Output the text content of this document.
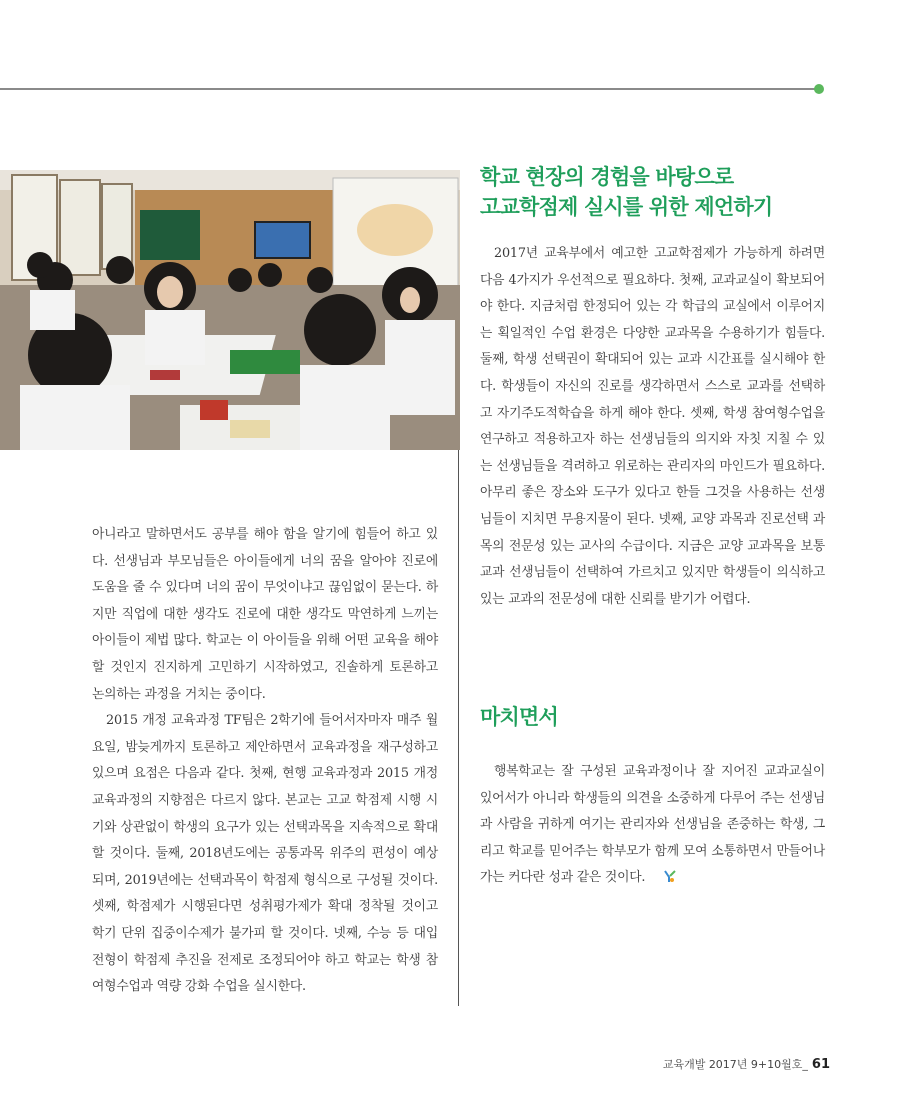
아니라고 말하면서도 공부를 해야 함을 알기에 힘들어 하고 있다. 선생님과 부모님들은 아이들에게 너의 꿈을 알아야 진로에 도움을 줄 수 있다며 너의 꿈이 무엇이냐고 끊임없이 묻는다. 하지만 직업에 대한 생각도 진로에 대한 생각도 막연하게 느끼는 아이들이 제법 많다. 학교는 이 아이들을 위해 어떤 교육을 해야 할 것인지 진지하게 고민하기 시작하였고, 진솔하게 토론하고 논의하는 과정을 거치는 중이다.

2015 개정 교육과정 TF팀은 2학기에 들어서자마자 매주 월요일, 밤늦게까지 토론하고 제안하면서 교육과정을 재구성하고 있으며 요점은 다음과 같다. 첫째, 현행 교육과정과 2015 개정 교육과정의 지향점은 다르지 않다. 본교는 고교 학점제 시행 시기와 상관없이 학생의 요구가 있는 선택과목을 지속적으로 확대할 것이다. 둘째, 2018년도에는 공통과목 위주의 편성이 예상되며, 2019년에는 선택과목이 학점제 형식으로 구성될 것이다. 셋째, 학점제가 시행된다면 성취평가제가 확대 정착될 것이고 학기 단위 집중이수제가 불가피 할 것이다. 넷째, 수능 등 대입 전형이 학점제 추진을 전제로 조정되어야 하고 학교는 학생 참여형수업과 역량 강화 수업을 실시한다.

학교 현장의 경험을 바탕으로
고교학점제 실시를 위한 제언하기

2017년 교육부에서 예고한 고교학점제가 가능하게 하려면 다음 4가지가 우선적으로 필요하다. 첫째, 교과교실이 확보되어야 한다. 지금처럼 한정되어 있는 각 학급의 교실에서 이루어지는 획일적인 수업 환경은 다양한 교과목을 수용하기가 힘들다. 둘째, 학생 선택권이 확대되어 있는 교과 시간표를 실시해야 한다. 학생들이 자신의 진로를 생각하면서 스스로 교과를 선택하고 자기주도적학습을 하게 해야 한다. 셋째, 학생 참여형수업을 연구하고 적용하고자 하는 선생님들의 의지와 자칫 지칠 수 있는 선생님들을 격려하고 위로하는 관리자의 마인드가 필요하다. 아무리 좋은 장소와 도구가 있다고 한들 그것을 사용하는 선생님들이 지치면 무용지물이 된다. 넷째, 교양 과목과 진로선택 과목의 전문성 있는 교사의 수급이다. 지금은 교양 교과목을 보통 교과 선생님들이 선택하여 가르치고 있지만 학생들이 의식하고 있는 교과의 전문성에 대한 신뢰를 받기가 어렵다.

마치면서

행복학교는 잘 구성된 교육과정이나 잘 지어진 교과교실이 있어서가 아니라 학생들의 의견을 소중하게 다루어 주는 선생님과 사람을 귀하게 여기는 관리자와 선생님을 존중하는 학생, 그리고 학교를 믿어주는 학부모가 함께 모여 소통하면서 만들어나가는 커다란 성과 같은 것이다.

교육개발 2017년 9+10월호_ 61
